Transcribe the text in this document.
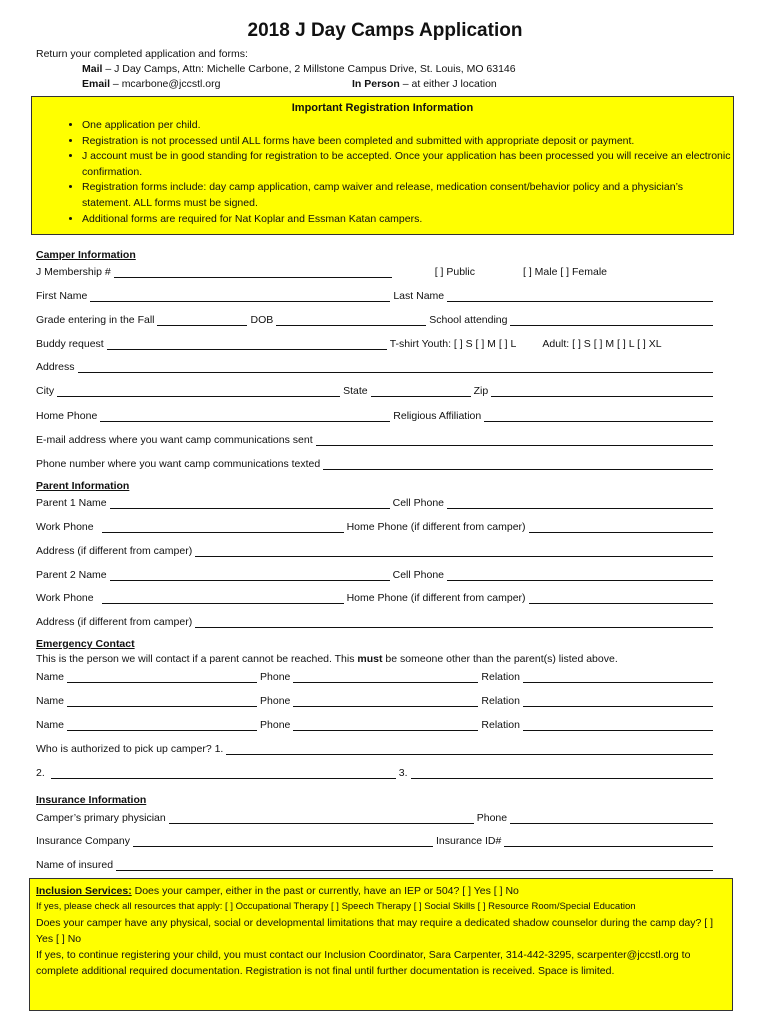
2018 J Day Camps Application
Return your completed application and forms:
Mail – J Day Camps, Attn: Michelle Carbone, 2 Millstone Campus Drive, St. Louis, MO 63146
Email – mcarbone@jccstl.org	In Person – at either J location
Important Registration Information
• One application per child.
• Registration is not processed until ALL forms have been completed and submitted with appropriate deposit or payment.
• J account must be in good standing for registration to be accepted. Once your application has been processed you will receive an electronic confirmation.
• Registration forms include: day camp application, camp waiver and release, medication consent/behavior policy and a physician’s statement. ALL forms must be signed.
• Additional forms are required for Nat Koplar and Essman Katan campers.
Camper Information
J Membership #	[ ] Public	[ ] Male [ ] Female
First Name	Last Name
Grade entering in the Fall	DOB	School attending
Buddy request	T-shirt Youth: [ ] S [ ] M [ ] L Adult: [ ] S [ ] M [ ] L [ ] XL
Address
City	State	Zip
Home Phone	Religious Affiliation
E-mail address where you want camp communications sent
Phone number where you want camp communications texted
Parent Information
Parent 1 Name	Cell Phone
Work Phone	Home Phone (if different from camper)
Address (if different from camper)
Parent 2 Name	Cell Phone
Work Phone	Home Phone (if different from camper)
Address (if different from camper)
Emergency Contact
This is the person we will contact if a parent cannot be reached. This must be someone other than the parent(s) listed above.
Name	Phone	Relation
Name	Phone	Relation
Name	Phone	Relation
Who is authorized to pick up camper? 1.
2.	3.
Insurance Information
Camper’s primary physician	Phone
Insurance Company	Insurance ID#
Name of insured
Inclusion Services: Does your camper, either in the past or currently, have an IEP or 504? [ ] Yes [ ] No
If yes, please check all resources that apply: [ ] Occupational Therapy [ ] Speech Therapy [ ] Social Skills [ ] Resource Room/Special Education
Does your camper have any physical, social or developmental limitations that may require a dedicated shadow counselor during the camp day? [ ] Yes [ ] No
If yes, to continue registering your child, you must contact our Inclusion Coordinator, Sara Carpenter, 314-442-3295, scarpenter@jccstl.org to complete additional required documentation. Registration is not final until further documentation is received. Space is limited.
